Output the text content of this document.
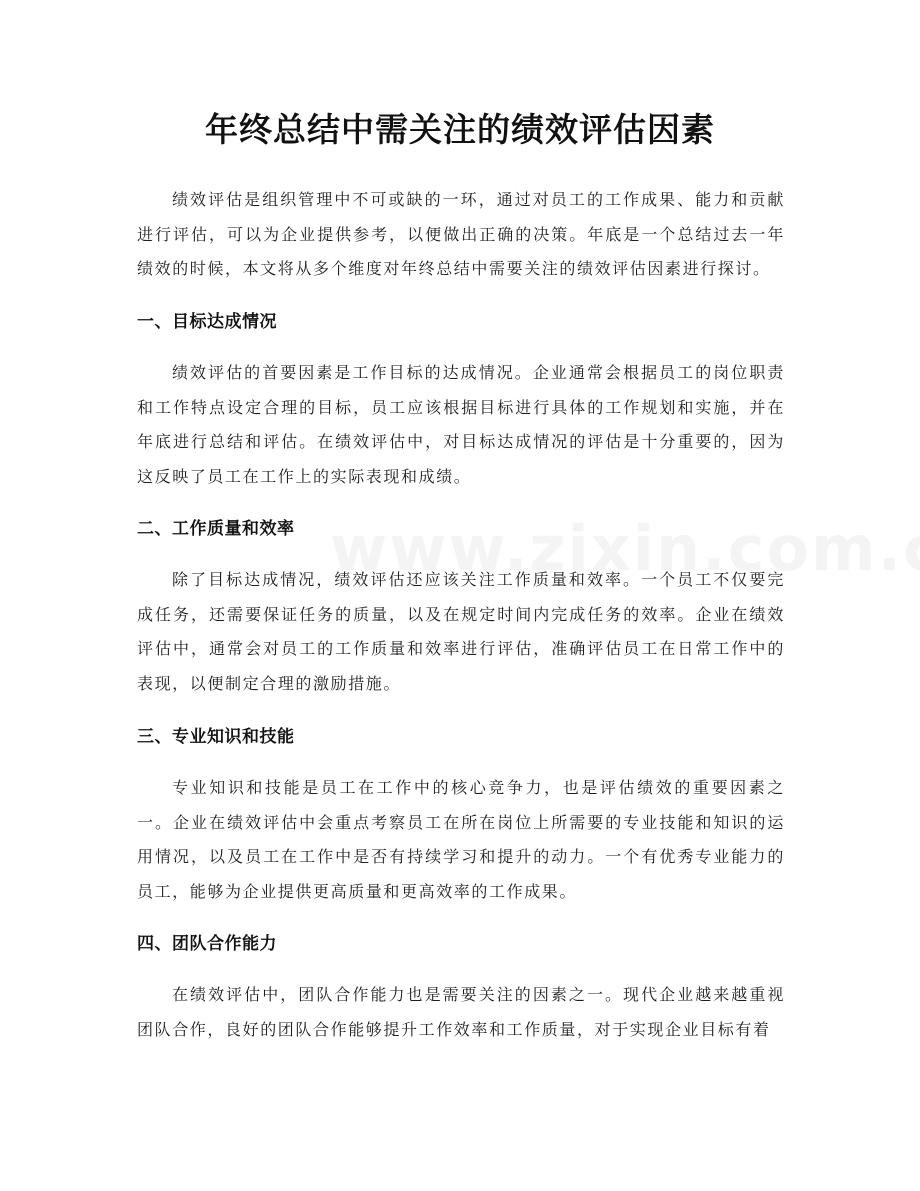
年终总结中需关注的绩效评估因素

绩效评估是组织管理中不可或缺的一环，通过对员工的工作成果、能力和贡献进行评估，可以为企业提供参考，以便做出正确的决策。年底是一个总结过去一年绩效的时候，本文将从多个维度对年终总结中需要关注的绩效评估因素进行探讨。

一、目标达成情况

绩效评估的首要因素是工作目标的达成情况。企业通常会根据员工的岗位职责和工作特点设定合理的目标，员工应该根据目标进行具体的工作规划和实施，并在年底进行总结和评估。在绩效评估中，对目标达成情况的评估是十分重要的，因为这反映了员工在工作上的实际表现和成绩。

二、工作质量和效率

除了目标达成情况，绩效评估还应该关注工作质量和效率。一个员工不仅要完成任务，还需要保证任务的质量，以及在规定时间内完成任务的效率。企业在绩效评估中，通常会对员工的工作质量和效率进行评估，准确评估员工在日常工作中的表现，以便制定合理的激励措施。

三、专业知识和技能

专业知识和技能是员工在工作中的核心竞争力，也是评估绩效的重要因素之一。企业在绩效评估中会重点考察员工在所在岗位上所需要的专业技能和知识的运用情况，以及员工在工作中是否有持续学习和提升的动力。一个有优秀专业能力的员工，能够为企业提供更高质量和更高效率的工作成果。

四、团队合作能力

在绩效评估中，团队合作能力也是需要关注的因素之一。现代企业越来越重视团队合作，良好的团队合作能够提升工作效率和工作质量，对于实现企业目标有着
